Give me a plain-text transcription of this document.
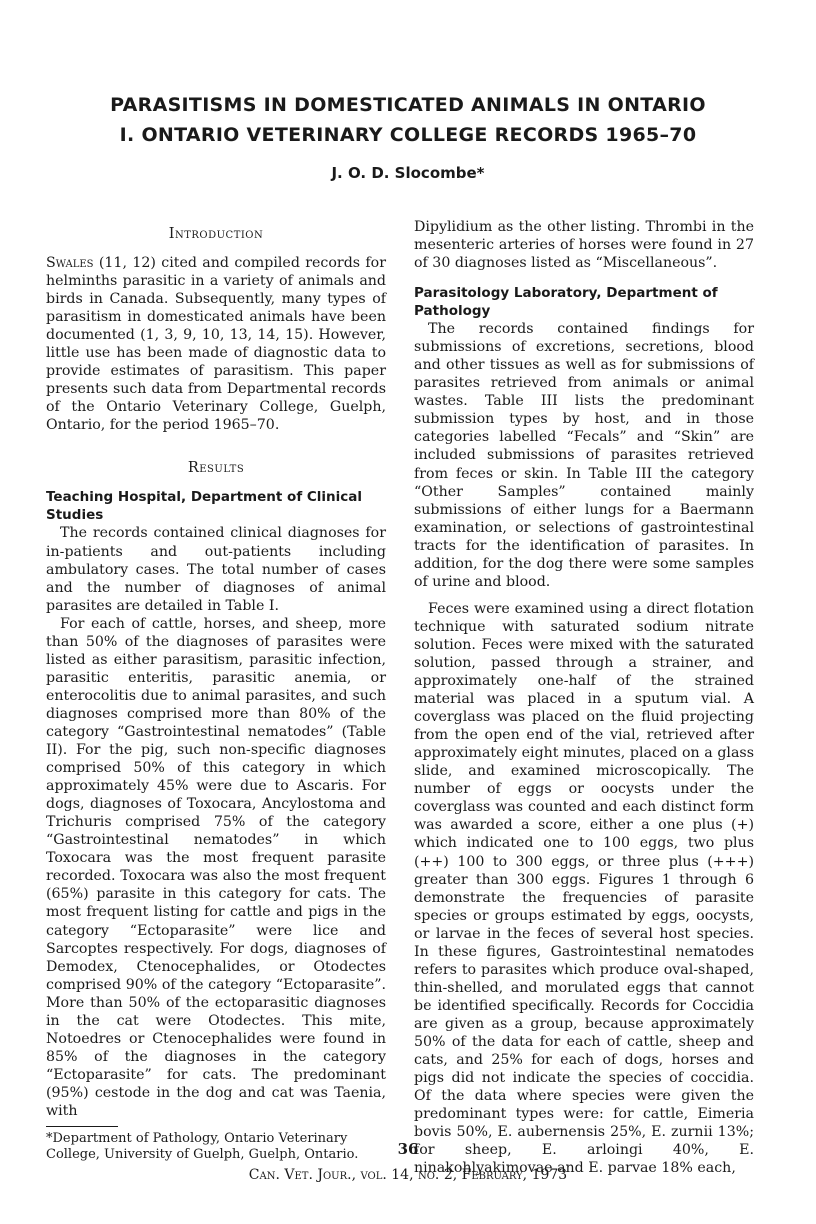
PARASITISMS IN DOMESTICATED ANIMALS IN ONTARIO
I. ONTARIO VETERINARY COLLEGE RECORDS 1965–70
J. O. D. Slocombe*
Introduction

Swales (11, 12) cited and compiled records for helminths parasitic in a variety of animals and birds in Canada. Subsequently, many types of parasitism in domesticated animals have been documented (1, 3, 9, 10, 13, 14, 15). However, little use has been made of diagnostic data to provide estimates of parasitism. This paper presents such data from Departmental records of the Ontario Veterinary College, Guelph, Ontario, for the period 1965–70.

Results
Teaching Hospital, Department of Clinical Studies

The records contained clinical diagnoses for in-patients and out-patients including ambulatory cases. The total number of cases and the number of diagnoses of animal parasites are detailed in Table I.

For each of cattle, horses, and sheep, more than 50% of the diagnoses of parasites were listed as either parasitism, parasitic infection, parasitic enteritis, parasitic anemia, or enterocolitis due to animal parasites, and such diagnoses comprised more than 80% of the category “Gastrointestinal nematodes” (Table II). For the pig, such non-specific diagnoses comprised 50% of this category in which approximately 45% were due to Ascaris. For dogs, diagnoses of Toxocara, Ancylostoma and Trichuris comprised 75% of the category “Gastrointestinal nematodes” in which Toxocara was the most frequent parasite recorded. Toxocara was also the most frequent (65%) parasite in this category for cats. The most frequent listing for cattle and pigs in the category “Ectoparasite” were lice and Sarcoptes respectively. For dogs, diagnoses of Demodex, Ctenocephalides, or Otodectes comprised 90% of the category “Ectoparasite”. More than 50% of the ectoparasitic diagnoses in the cat were Otodectes. This mite, Notoedres or Ctenocephalides were found in 85% of the diagnoses in the category “Ectoparasite” for cats. The predominant (95%) cestode in the dog and cat was Taenia, with

*Department of Pathology, Ontario Veterinary College, University of Guelph, Guelph, Ontario.

Dipylidium as the other listing. Thrombi in the mesenteric arteries of horses were found in 27 of 30 diagnoses listed as “Miscellaneous”.

Parasitology Laboratory, Department of Pathology

The records contained findings for submissions of excretions, secretions, blood and other tissues as well as for submissions of parasites retrieved from animals or animal wastes. Table III lists the predominant submission types by host, and in those categories labelled “Fecals” and “Skin” are included submissions of parasites retrieved from feces or skin. In Table III the category “Other Samples” contained mainly submissions of either lungs for a Baermann examination, or selections of gastrointestinal tracts for the identification of parasites. In addition, for the dog there were some samples of urine and blood.

Feces were examined using a direct flotation technique with saturated sodium nitrate solution. Feces were mixed with the saturated solution, passed through a strainer, and approximately one-half of the strained material was placed in a sputum vial. A coverglass was placed on the fluid projecting from the open end of the vial, retrieved after approximately eight minutes, placed on a glass slide, and examined microscopically. The number of eggs or oocysts under the coverglass was counted and each distinct form was awarded a score, either a one plus (+) which indicated one to 100 eggs, two plus (++) 100 to 300 eggs, or three plus (+++) greater than 300 eggs. Figures 1 through 6 demonstrate the frequencies of parasite species or groups estimated by eggs, oocysts, or larvae in the feces of several host species. In these figures, Gastrointestinal nematodes refers to parasites which produce oval-shaped, thin-shelled, and morulated eggs that cannot be identified specifically. Records for Coccidia are given as a group, because approximately 50% of the data for each of cattle, sheep and cats, and 25% for each of dogs, horses and pigs did not indicate the species of coccidia. Of the data where species were given the predominant types were: for cattle, Eimeria bovis 50%, E. aubernensis 25%, E. zurnii 13%; for sheep, E. arloingi 40%, E. ninakohlyakimovae and E. parvae 18% each,

36
Can. Vet. Jour., vol. 14, no. 2, February, 1973
